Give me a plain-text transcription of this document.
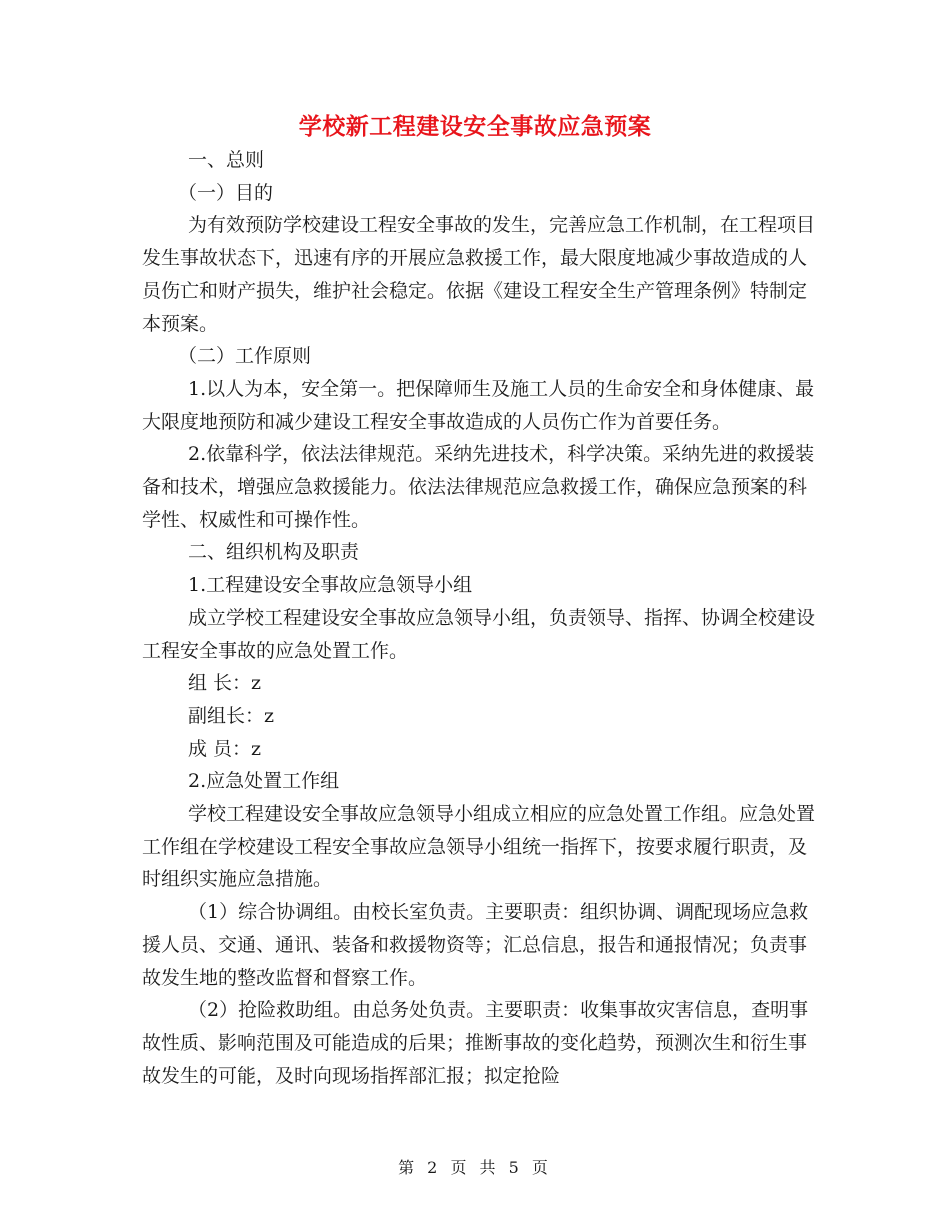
学校新工程建设安全事故应急预案

一、总则

（一）目的

为有效预防学校建设工程安全事故的发生，完善应急工作机制，在工程项目发生事故状态下，迅速有序的开展应急救援工作，最大限度地减少事故造成的人员伤亡和财产损失，维护社会稳定。依据《建设工程安全生产管理条例》特制定本预案。

（二）工作原则

1.以人为本，安全第一。把保障师生及施工人员的生命安全和身体健康、最大限度地预防和减少建设工程安全事故造成的人员伤亡作为首要任务。

2.依靠科学，依法法律规范。采纳先进技术，科学决策。采纳先进的救援装备和技术，增强应急救援能力。依法法律规范应急救援工作，确保应急预案的科学性、权威性和可操作性。

二、组织机构及职责

1.工程建设安全事故应急领导小组

成立学校工程建设安全事故应急领导小组，负责领导、指挥、协调全校建设工程安全事故的应急处置工作。

组 长：z

副组长：z

成 员：z

2.应急处置工作组

学校工程建设安全事故应急领导小组成立相应的应急处置工作组。应急处置工作组在学校建设工程安全事故应急领导小组统一指挥下，按要求履行职责，及时组织实施应急措施。

（1）综合协调组。由校长室负责。主要职责：组织协调、调配现场应急救援人员、交通、通讯、装备和救援物资等；汇总信息，报告和通报情况；负责事故发生地的整改监督和督察工作。

（2）抢险救助组。由总务处负责。主要职责：收集事故灾害信息，查明事故性质、影响范围及可能造成的后果；推断事故的变化趋势，预测次生和衍生事故发生的可能，及时向现场指挥部汇报；拟定抢险

第 2 页 共 5 页
